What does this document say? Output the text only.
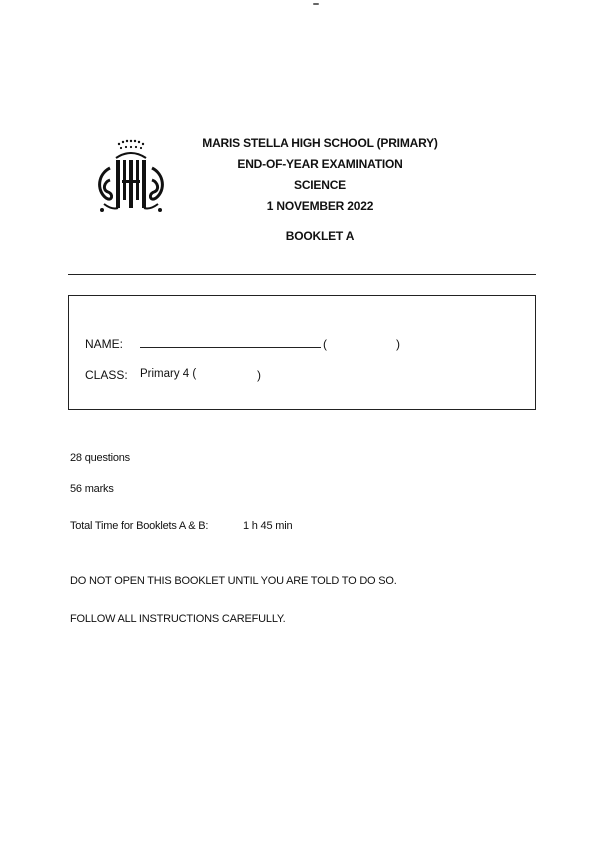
MARIS STELLA HIGH SCHOOL (PRIMARY)
END-OF-YEAR EXAMINATION
SCIENCE
1 NOVEMBER 2022
BOOKLET A
NAME:	(	)
CLASS: Primary 4 (	)
28 questions
56 marks
Total Time for Booklets A & B:	1 h 45 min
DO NOT OPEN THIS BOOKLET UNTIL YOU ARE TOLD TO DO SO.
FOLLOW ALL INSTRUCTIONS CAREFULLY.
